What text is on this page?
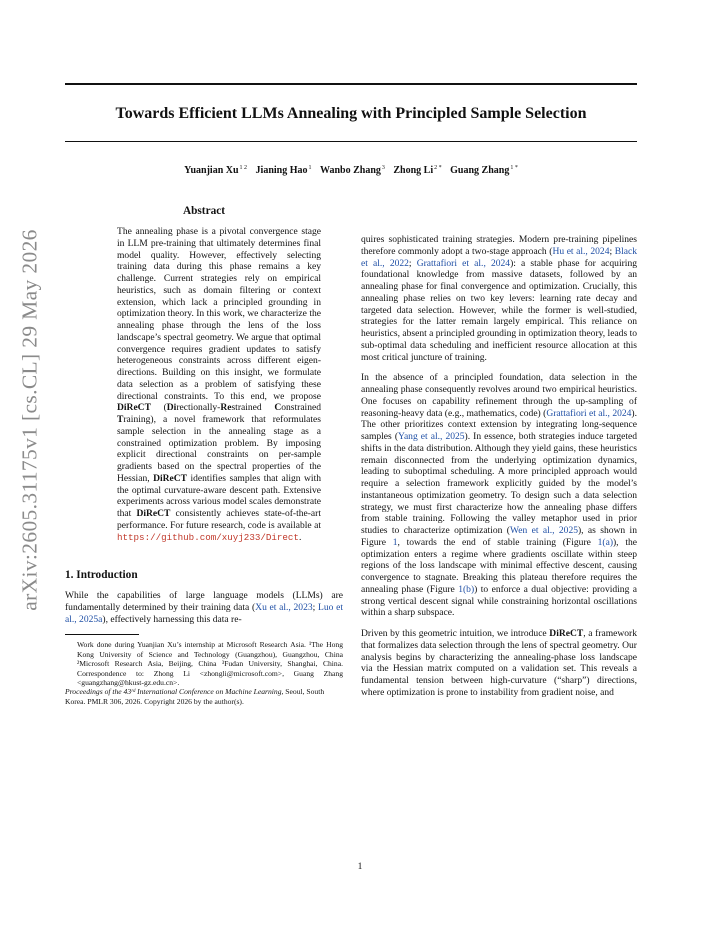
arXiv:2605.31175v1 [cs.CL] 29 May 2026
Towards Efficient LLMs Annealing with Principled Sample Selection
Yuanjian $Xu^{1 2}$ Jianing Hao$^1$ Wanbo Zhang$^3$ Zhong $Li^{2 *}$ Guang Zhang$^{1 *}$
Abstract

The annealing phase is a pivotal convergence stage in LLM pre-training that ultimately determines final model quality. However, effectively selecting training data during this phase remains a key challenge. Current strategies rely on empirical heuristics, such as domain filtering or context extension, which lack a principled grounding in optimization theory. In this work, we characterize the annealing phase through the lens of the loss landscape’s spectral geometry. We argue that optimal convergence requires gradient updates to satisfy heterogeneous constraints across different eigen-directions. Building on this insight, we formulate data selection as a problem of satisfying these directional constraints. To this end, we propose DiReCT (Directionally-Restrained Constrained Training), a novel framework that reformulates sample selection in the annealing stage as a constrained optimization problem. By imposing explicit directional constraints on per-sample gradients based on the spectral properties of the Hessian, DiReCT identifies samples that align with the optimal curvature-aware descent path. Extensive experiments across various model scales demonstrate that DiReCT consistently achieves state-of-the-art performance. For future research, code is available at https://github.com/xuyj233/Direct.

1. Introduction

While the capabilities of large language models (LLMs) are fundamentally determined by their training data (Xu et al., 2023; Luo et al., 2025a), effectively harnessing this data re-

Work done during Yuanjian Xu’s internship at Microsoft Research Asia. ¹The Hong Kong University of Science and Technology (Guangzhou), Guangzhou, China ²Microsoft Research Asia, Beijing, China ³Fudan University, Shanghai, China. Correspondence to: Zhong Li <zhongli@microsoft.com>, Guang Zhang <guangzhang@hkust-gz.edu.cn>.

Proceedings of the 43ʳᵈ International Conference on Machine Learning, Seoul, South Korea. PMLR 306, 2026. Copyright 2026 by the author(s).

quires sophisticated training strategies. Modern pre-training pipelines therefore commonly adopt a two-stage approach (Hu et al., 2024; Black et al., 2022; Grattafiori et al., 2024): a stable phase for acquiring foundational knowledge from massive datasets, followed by an annealing phase for final convergence and optimization. Crucially, this annealing phase relies on two key levers: learning rate decay and targeted data selection. However, while the former is well-studied, strategies for the latter remain largely empirical. This reliance on heuristics, absent a principled grounding in optimization theory, leads to sub-optimal data scheduling and inefficient resource allocation at this most critical juncture of training.

In the absence of a principled foundation, data selection in the annealing phase consequently revolves around two empirical heuristics. One focuses on capability refinement through the up-sampling of reasoning-heavy data (e.g., mathematics, code) (Grattafiori et al., 2024). The other prioritizes context extension by integrating long-sequence samples (Yang et al., 2025). In essence, both strategies induce targeted shifts in the data distribution. Although they yield gains, these heuristics remain disconnected from the underlying optimization dynamics, leading to suboptimal scheduling. A more principled approach would require a selection framework explicitly guided by the model’s instantaneous optimization geometry. To design such a data selection strategy, we must first characterize how the annealing phase differs from stable training. Following the valley metaphor used in prior studies to characterize optimization (Wen et al., 2025), as shown in Figure 1, towards the end of stable training (Figure 1(a)), the optimization enters a regime where gradients oscillate within steep regions of the loss landscape with minimal effective descent, causing convergence to stagnate. Breaking this plateau therefore requires the annealing phase (Figure 1(b)) to enforce a dual objective: providing a strong vertical descent signal while constraining horizontal oscillations within a sharp subspace.

Driven by this geometric intuition, we introduce DiReCT, a framework that formalizes data selection through the lens of spectral geometry. Our analysis begins by characterizing the annealing-phase loss landscape via the Hessian matrix computed on a validation set. This reveals a fundamental tension between high-curvature (“sharp”) directions, where optimization is prone to instability from gradient noise, and

1
